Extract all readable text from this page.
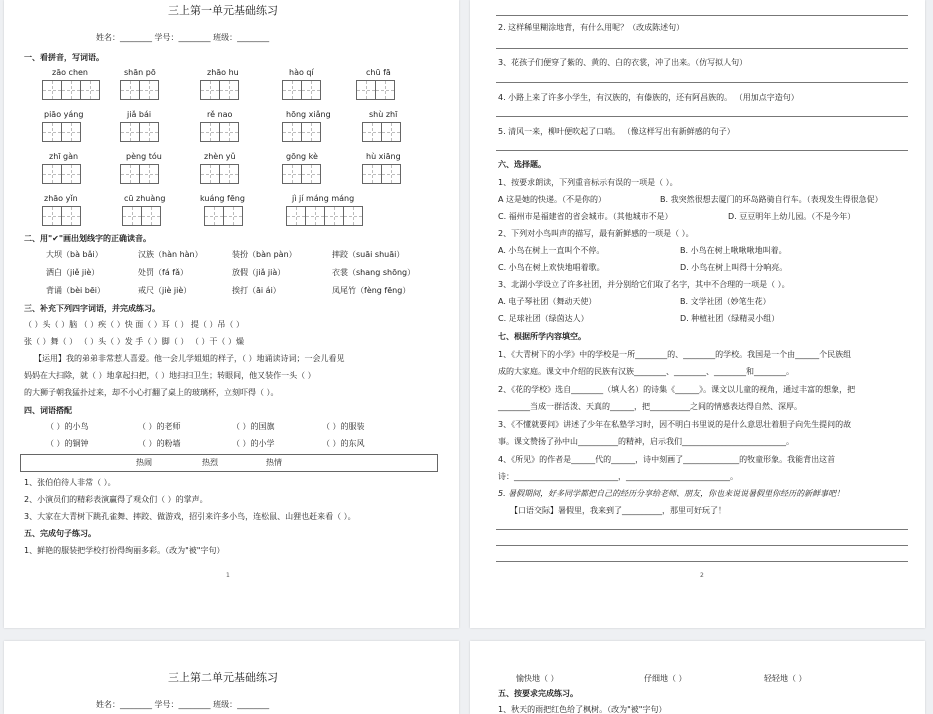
三上第一单元基础练习
姓名：________ 学号：________ 班级：________
一、看拼音，写词语。
zāo chen	shān pō	zhāo hu	hào qí	chū fā
piāo yáng	jiǎ bái	rě nao	hōng xiǎng	shù zhī
zhī gàn	pèng tóu	zhèn yǔ	gōng kè	hù xiāng
zhāo yǐn	cū zhuàng	kuáng fēng	jì jí máng máng
二、用"✔"画出划线字的正确读音。
大坝（bà bǎi）	汉族（hàn hàn）	装扮（bàn pàn）	摔跤（suāi shuāi）
洒白（jiě jiè）	处罚（fá fǎ）	放假（jiǎ jià）	衣裳（shang shōng）
背诵（bèi bēi）	戒尺（jiè jiè）	挨打（āi ái）	凤尾竹（fèng fēng）
三、补充下列四字词语，并完成练习。
（ ）头（ ）脑 （ ）疾（ ）快 面（ ）耳（ ） 提（ ）吊（ ）
张（ ）舞（ ） （ ）头（ ）发 手（ ）脚（ ） （ ）干（ ）燥
【运用】我的弟弟非常惹人喜爱。他一会儿学姐姐的样子，（ ）地诵读诗词；一会儿看见
妈妈在大扫除，就（ ）地拿起扫把，（ ）地扫扫卫生；转眼间，他又装作一头（ ）
的大狮子朝我猛扑过来，却不小心打翻了桌上的玻璃杯，立刻吓得（ ）。
四、词语搭配
（ ）的小鸟	（ ）的老师	（ ）的国旗	（ ）的服装
（ ）的铜钟	（ ）的粉墙	（ ）的小学	（ ）的东风
热闹	热烈	热情
1、张伯伯待人非常（ ）。
2、小演员们的精彩表演赢得了观众们（ ）的掌声。
3、大家在大青树下跳孔雀舞、摔跤、做游戏，招引来许多小鸟，连松鼠、山狸也赶来看（ ）。
五、完成句子练习。
1、鲜艳的服装把学校打扮得绚丽多彩。（改为"被"字句）
1
2. 这样稀里糊涂地背，有什么用呢？（改成陈述句）
3、花孩子们便穿了紫的、黄的、白的衣裳，冲了出来。（仿写拟人句）
4. 小路上来了许多小学生，有汉族的，有傣族的，还有阿昌族的。 （用加点字造句）
5. 清风一来，柳叶便吹起了口哨。 （像这样写出有新鲜感的句子）
六、选择题。
1、按要求朗读，下列重音标示有误的一项是（ ）。
A 这是她的快递。（不是你的）	B. 我突然很想去厦门的环岛路骑自行车。（表现发生得很急促）
C. 福州市是福建省的省会城市。（其他城市不是）	D. 豆豆明年上幼儿园。（不是今年）
2、下列对小鸟叫声的描写，最有新鲜感的一项是（ ）。
A. 小鸟在树上一直叫个不停。	B. 小鸟在树上啾啾啾地叫着。
C. 小鸟在树上欢快地唱着歌。	D. 小鸟在树上叫得十分响亮。
3、北湖小学设立了许多社团，并分别给它们取了名字，其中不合理的一项是（ ）。
A. 电子琴社团（舞动天使）	B. 文学社团（妙笔生花）
C. 足球社团（绿茵达人）	D. 种植社团（绿精灵小组）
七、根据所学内容填空。
1、《大青树下的小学》中的学校是一所________的、________的学校。我国是一个由______个民族组
成的大家庭。课文中介绍的民族有汉族________、________、________和________。
2、《花的学校》选自________（填人名）的诗集《______》。课文以儿童的视角，通过丰富的想象，把
________当成一群活泼、天真的______，把__________之间的情感表达得自然、深厚。
3、《不懂就要问》讲述了少年在私塾学习时，因不明白书里说的是什么意思壮着胆子向先生提问的故
事。课文赞扬了孙中山__________的精神，启示我们__________________________。
4、《所见》的作者是______代的______，诗中刻画了______________的牧童形象。我能背出这首
诗：__________________________，__________________________。
5. 暑假期间，好多同学都把自己的经历分享给老师、朋友，你也来说说暑假里你经历的新鲜事吧！
【口语交际】暑假里，我来到了__________，那里可好玩了！
2
三上第二单元基础练习
姓名：________ 学号：________ 班级：________
愉快地（ ）	仔细地（ ）	轻轻地（ ）
五、按要求完成练习。
1、秋天的雨把红色给了枫树。（改为"被"字句）
